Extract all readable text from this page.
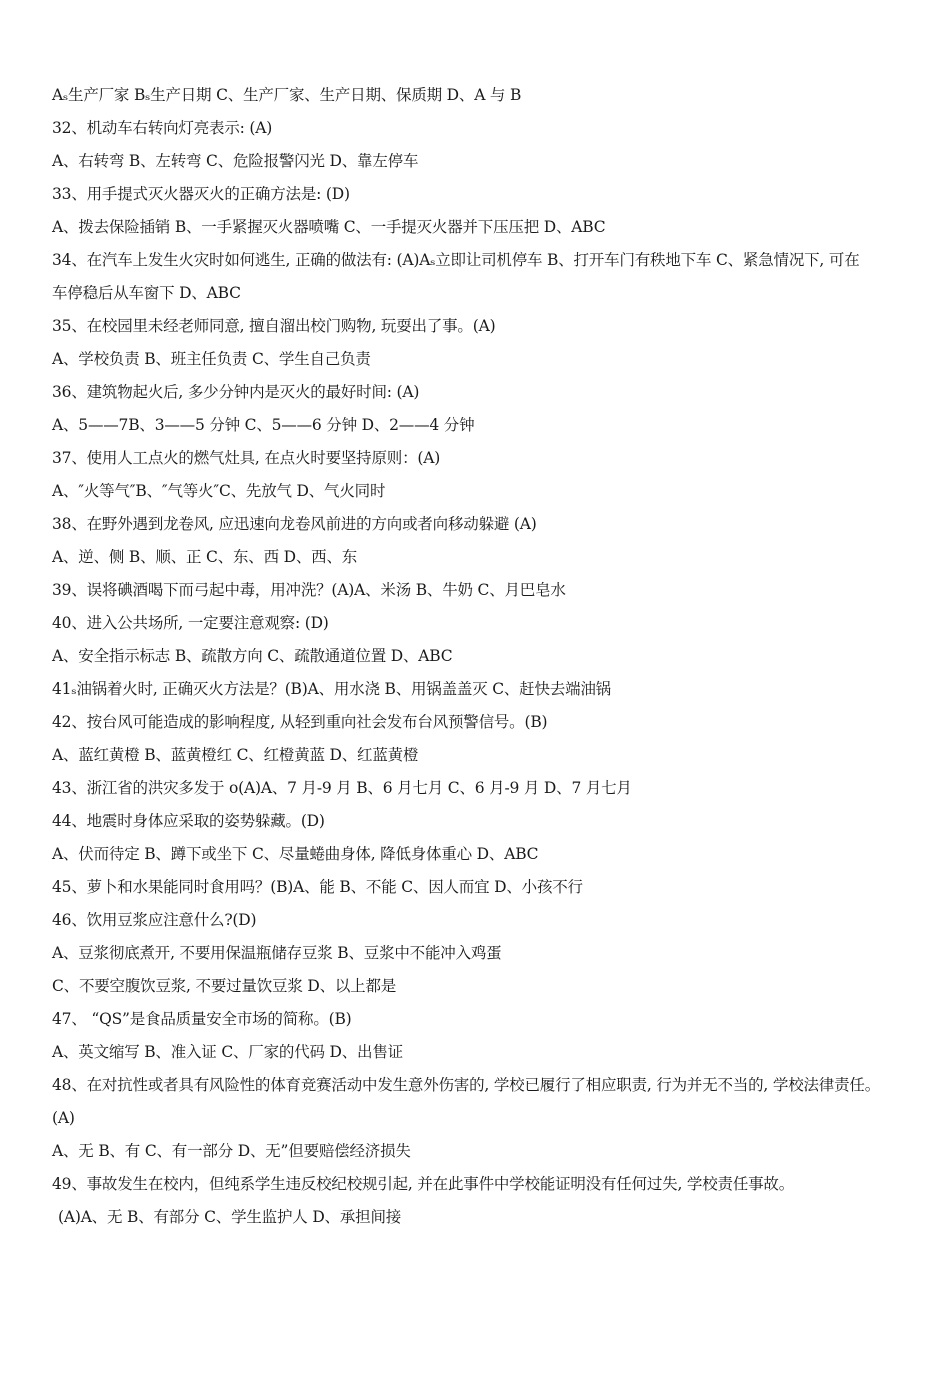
Aₛ生产厂家 Bₛ生产日期 C、生产厂家、生产日期、保质期 D、A 与 B
32、机动车右转向灯亮表示: (A)
A、右转弯 B、左转弯 C、危险报警闪光 D、靠左停车
33、用手提式灭火器灭火的正确方法是: (D)
A、拨去保险插销 B、一手紧握灭火器喷嘴 C、一手提灭火器并下压压把 D、ABC
34、在汽车上发生火灾时如何逃生, 正确的做法有: (A)Aₛ立即让司机停车 B、打开车门有秩地下车 C、紧急情况下, 可在
车停稳后从车窗下 D、ABC
35、在校园里未经老师同意, 擅自溜出校门购物, 玩耍出了事。(A)
A、学校负责 B、班主任负责 C、学生自己负责
36、建筑物起火后, 多少分钟内是灭火的最好时间: (A)
A、5——7B、3——5 分钟 C、5——6 分钟 D、2——4 分钟
37、使用人工点火的燃气灶具, 在点火时要坚持原则：(A)
A、″火等气″B、″气等火″C、先放气 D、气火同时
38、在野外遇到龙卷风, 应迅速向龙卷风前进的方向或者向移动躲避 (A)
A、逆、侧 B、顺、正 C、东、西 D、西、东
39、误将碘酒喝下而弓起中毒，用冲洗？(A)A、米汤 B、牛奶 C、月巴皂水
40、进入公共场所, 一定要注意观察: (D)
A、安全指示标志 B、疏散方向 C、疏散通道位置 D、ABC
41ₛ油锅着火时, 正确灭火方法是？(B)A、用水浇 B、用锅盖盖灭 C、赶快去端油锅
42、按台风可能造成的影响程度, 从轻到重向社会发布台风预警信号。(B)
A、蓝红黄橙 B、蓝黄橙红 C、红橙黄蓝 D、红蓝黄橙
43、浙江省的洪灾多发于 o(A)A、7 月-9 月 B、6 月七月 C、6 月-9 月 D、7 月七月
44、地震时身体应采取的姿势躲藏。(D)
A、伏而待定 B、蹲下或坐下 C、尽量蜷曲身体, 降低身体重心 D、ABC
45、萝卜和水果能同时食用吗？(B)A、能 B、不能 C、因人而宜 D、小孩不行
46、饮用豆浆应注意什么?(D)
A、豆浆彻底煮开, 不要用保温瓶储存豆浆 B、豆浆中不能冲入鸡蛋
C、不要空腹饮豆浆, 不要过量饮豆浆 D、以上都是
47、 “QS”是食品质量安全市场的简称。(B)
A、英文缩写 B、准入证 C、厂家的代码 D、出售证
48、在对抗性或者具有风险性的体育竞赛活动中发生意外伤害的, 学校已履行了相应职责, 行为并无不当的, 学校法律责任。
(A)
A、无 B、有 C、有一部分 D、无”但要赔偿经济损失
49、事故发生在校内，但纯系学生违反校纪校规引起, 并在此事件中学校能证明没有任何过失, 学校责任事故。
(A)A、无 B、有部分 C、学生监护人 D、承担间接
